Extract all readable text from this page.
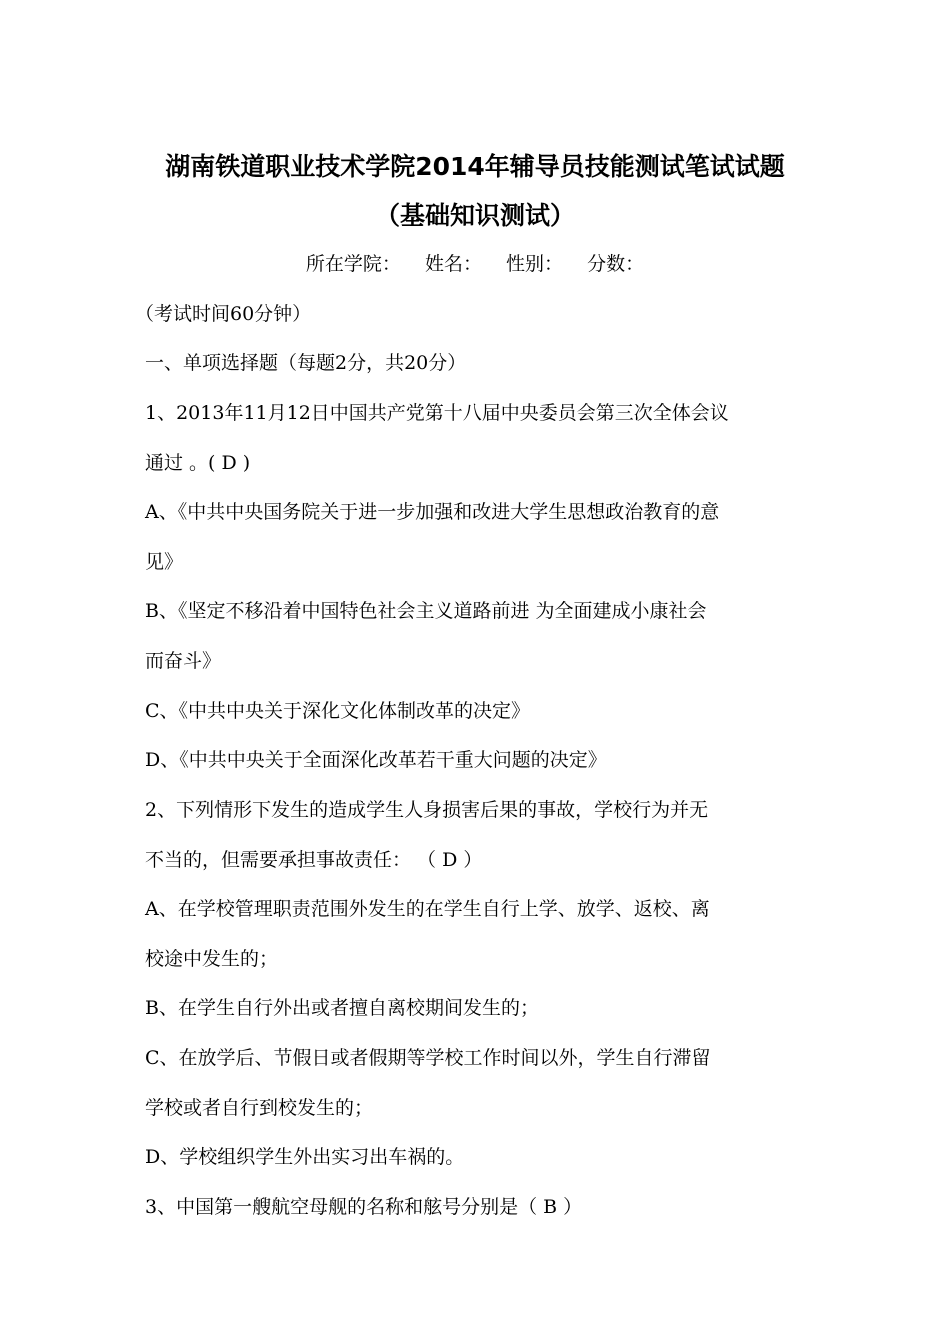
湖南铁道职业技术学院2014年辅导员技能测试笔试试题
（基础知识测试）
所在学院： 姓名： 性别： 分数：
（考试时间60分钟）
一、单项选择题（每题2分，共20分）
1、2013年11月12日中国共产党第十八届中央委员会第三次全体会议
通过 。( D )
A、《中共中央国务院关于进一步加强和改进大学生思想政治教育的意
见》
B、《坚定不移沿着中国特色社会主义道路前进 为全面建成小康社会
而奋斗》
C、《中共中央关于深化文化体制改革的决定》
D、《中共中央关于全面深化改革若干重大问题的决定》
2、下列情形下发生的造成学生人身损害后果的事故，学校行为并无
不当的，但需要承担事故责任： （ D ）
A、在学校管理职责范围外发生的在学生自行上学、放学、返校、离
校途中发生的；
B、在学生自行外出或者擅自离校期间发生的；
C、在放学后、节假日或者假期等学校工作时间以外，学生自行滞留
学校或者自行到校发生的；
D、学校组织学生外出实习出车祸的。
3、中国第一艘航空母舰的名称和舷号分别是（ B ）
